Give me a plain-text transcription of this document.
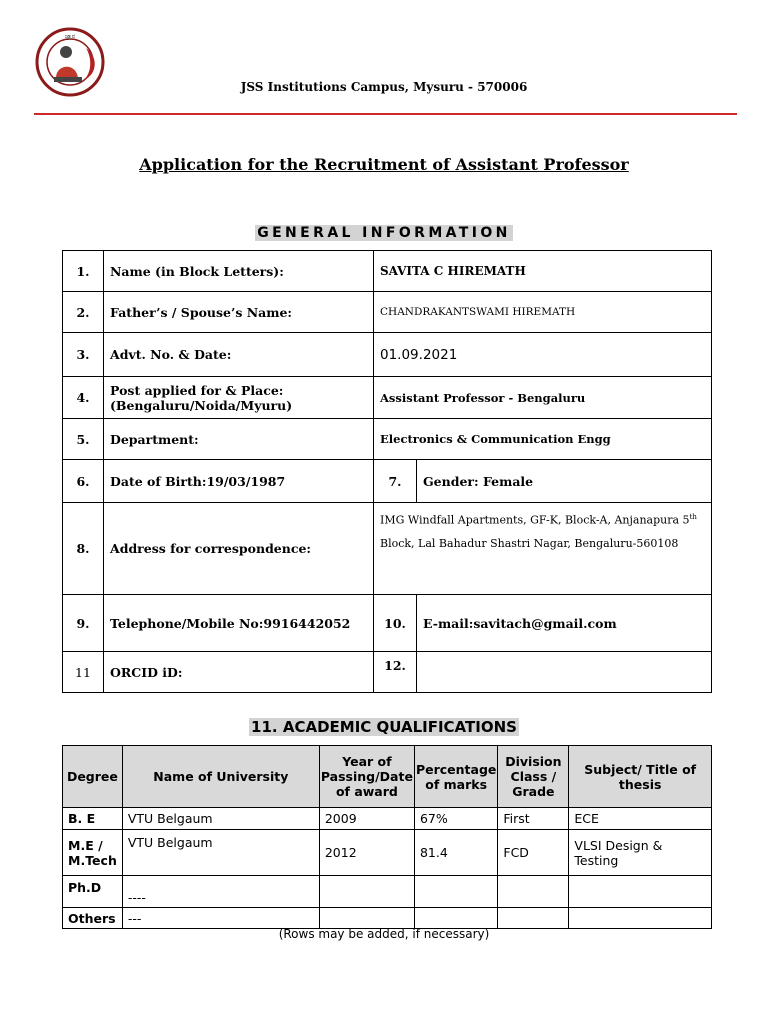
ಜ್ಞಾನ
JSS Institutions Campus, Mysuru - 570006
Application for the Recruitment of Assistant Professor
GENERAL INFORMATION
1.	Name (in Block Letters):	SAVITA C HIREMATH	
2.	Father’s / Spouse’s Name:	CHANDRAKANTSWAMI HIREMATH	
3.	Advt. No. & Date:	01.09.2021	
4.	Post applied for & Place:
(Bengaluru/Noida/Myuru)	Assistant Professor - Bengaluru	
5.	Department:	Electronics & Communication Engg	
6.	Date of Birth:19/03/1987	7.	Gender: Female
8.	Address for correspondence:	IMG Windfall Apartments, GF-K, Block-A, Anjanapura 5th
Block, Lal Bahadur Shastri Nagar, Bengaluru-560108	
9.	Telephone/Mobile No:9916442052	10.	E-mail:savitach@gmail.com
11	ORCID iD:	12.	
11. ACADEMIC QUALIFICATIONS
Degree	Name of University	Year of Passing/Date of award	Percentage of marks	Division Class / Grade	Subject/ Title of thesis
B. E	VTU Belgaum	2009	67%	First	ECE
M.E / M.Tech	VTU Belgaum	2012	81.4	FCD	VLSI Design & Testing
Ph.D	----				
Others	---				
(Rows may be added, if necessary)
